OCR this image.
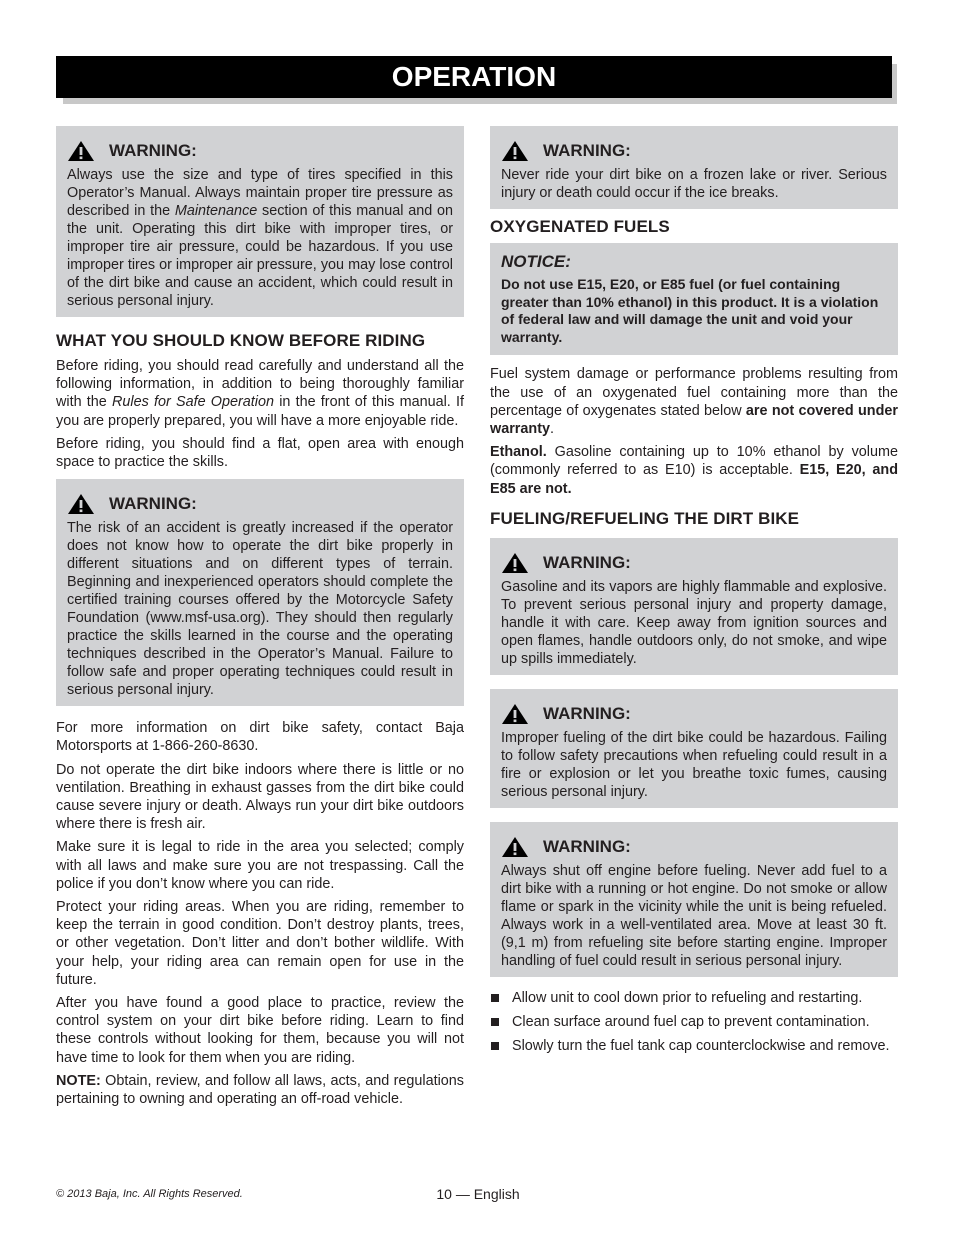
OPERATION
WARNING:

Always use the size and type of tires specified in this Operator’s Manual. Always maintain proper tire pressure as described in the Maintenance section of this manual and on the unit. Operating this dirt bike with improper tires, or improper tire air pressure, could be hazardous. If you use improper tires or improper air pressure, you may lose control of the dirt bike and cause an accident, which could result in serious personal injury.

WHAT YOU SHOULD KNOW BEFORE RIDING

Before riding, you should read carefully and understand all the following information, in addition to being thoroughly familiar with the Rules for Safe Operation in the front of this manual. If you are properly prepared, you will have a more enjoyable ride.

Before riding, you should find a flat, open area with enough space to practice the skills.

WARNING:

The risk of an accident is greatly increased if the operator does not know how to operate the dirt bike properly in different situations and on different types of terrain. Beginning and inexperienced operators should complete the certified training courses offered by the Motorcycle Safety Foundation (www.msf-usa.org). They should then regularly practice the skills learned in the course and the operating techniques described in the Operator’s Manual. Failure to follow safe and proper operating techniques could result in serious personal injury.

For more information on dirt bike safety, contact Baja Motorsports at 1-866-260-8630.

Do not operate the dirt bike indoors where there is little or no ventilation. Breathing in exhaust gasses from the dirt bike could cause severe injury or death. Always run your dirt bike outdoors where there is fresh air.

Make sure it is legal to ride in the area you selected; comply with all laws and make sure you are not trespassing. Call the police if you don’t know where you can ride.

Protect your riding areas. When you are riding, remember to keep the terrain in good condition. Don’t destroy plants, trees, or other vegetation. Don’t litter and don’t bother wildlife. With your help, your riding area can remain open for use in the future.

After you have found a good place to practice, review the control system on your dirt bike before riding. Learn to find these controls without looking for them, because you will not have time to look for them when you are riding.

NOTE: Obtain, review, and follow all laws, acts, and regulations pertaining to owning and operating an off-road vehicle.

WARNING:

Never ride your dirt bike on a frozen lake or river. Serious injury or death could occur if the ice breaks.

OXYGENATED FUELS
NOTICE:

Do not use E15, E20, or E85 fuel (or fuel containing greater than 10% ethanol) in this product. It is a violation of federal law and will damage the unit and void your warranty.

Fuel system damage or performance problems resulting from the use of an oxygenated fuel containing more than the percentage of oxygenates stated below are not covered under warranty.

Ethanol. Gasoline containing up to 10% ethanol by volume (commonly referred to as E10) is acceptable. E15, E20, and E85 are not.

FUELING/REFUELING THE DIRT BIKE
WARNING:

Gasoline and its vapors are highly flammable and explosive. To prevent serious personal injury and property damage, handle it with care. Keep away from ignition sources and open flames, handle outdoors only, do not smoke, and wipe up spills immediately.

WARNING:

Improper fueling of the dirt bike could be hazardous. Failing to follow safety precautions when refueling could result in a fire or explosion or let you breathe toxic fumes, causing serious personal injury.

WARNING:

Always shut off engine before fueling. Never add fuel to a dirt bike with a running or hot engine. Do not smoke or allow flame or spark in the vicinity while the unit is being refueled. Always work in a well-ventilated area. Move at least 30 ft. (9,1 m) from refueling site before starting engine. Improper handling of fuel could result in serious personal injury.

Allow unit to cool down prior to refueling and restarting.
Clean surface around fuel cap to prevent contamination.
Slowly turn the fuel tank cap counterclockwise and remove.
© 2013 Baja, Inc. All Rights Reserved.	10 — English
